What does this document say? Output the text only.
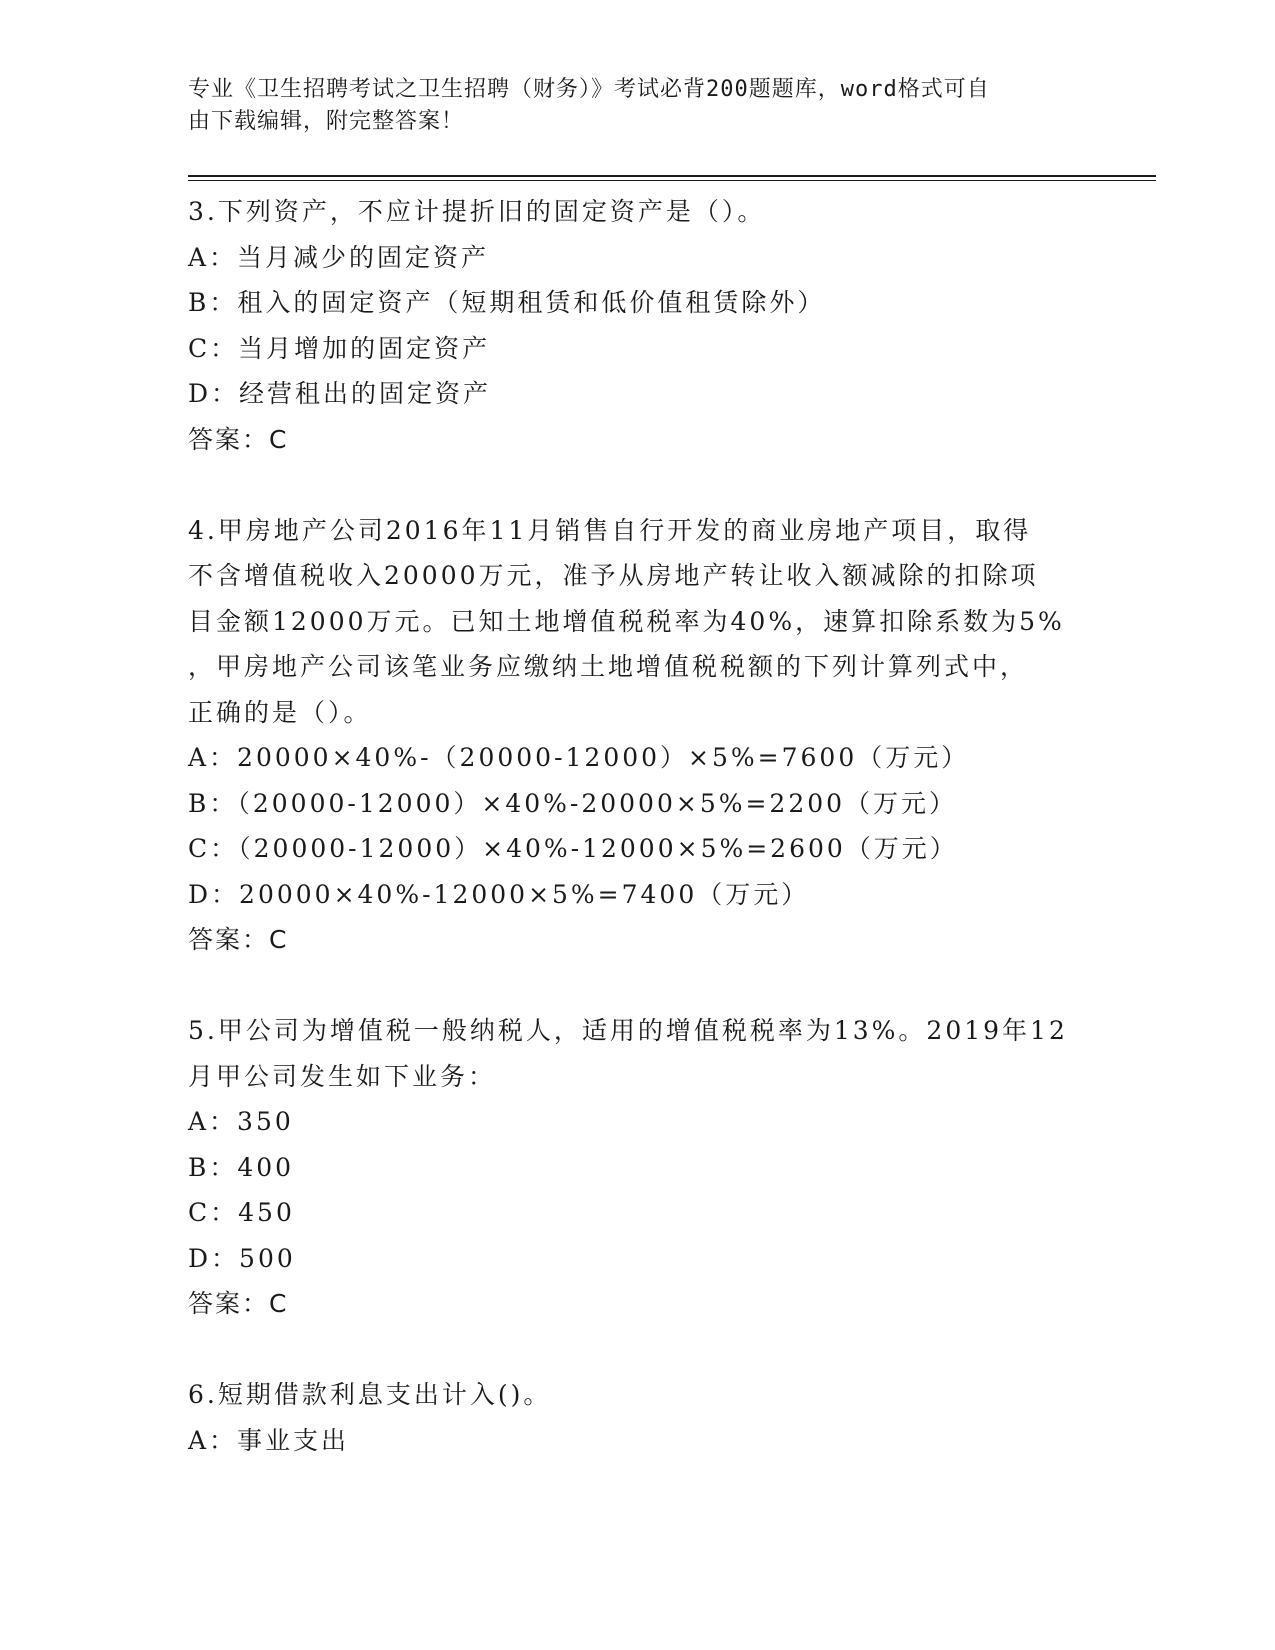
专业《卫生招聘考试之卫生招聘（财务）》考试必背200题题库，word格式可自
由下载编辑，附完整答案！
3.下列资产，不应计提折旧的固定资产是（）。
A：当月减少的固定资产
B：租入的固定资产（短期租赁和低价值租赁除外）
C：当月增加的固定资产
D：经营租出的固定资产
答案：C
4.甲房地产公司2016年11月销售自行开发的商业房地产项目，取得
不含增值税收入20000万元，准予从房地产转让收入额减除的扣除项
目金额12000万元。已知土地增值税税率为40%，速算扣除系数为5%
，甲房地产公司该笔业务应缴纳土地增值税税额的下列计算列式中，
正确的是（）。
A：20000×40%-（20000-12000）×5%=7600（万元）
B：（20000-12000）×40%-20000×5%=2200（万元）
C：（20000-12000）×40%-12000×5%=2600（万元）
D：20000×40%-12000×5%=7400（万元）
答案：C
5.甲公司为增值税一般纳税人，适用的增值税税率为13%。2019年12
月甲公司发生如下业务：
A：350
B：400
C：450
D：500
答案：C
6.短期借款利息支出计入()。
A：事业支出
